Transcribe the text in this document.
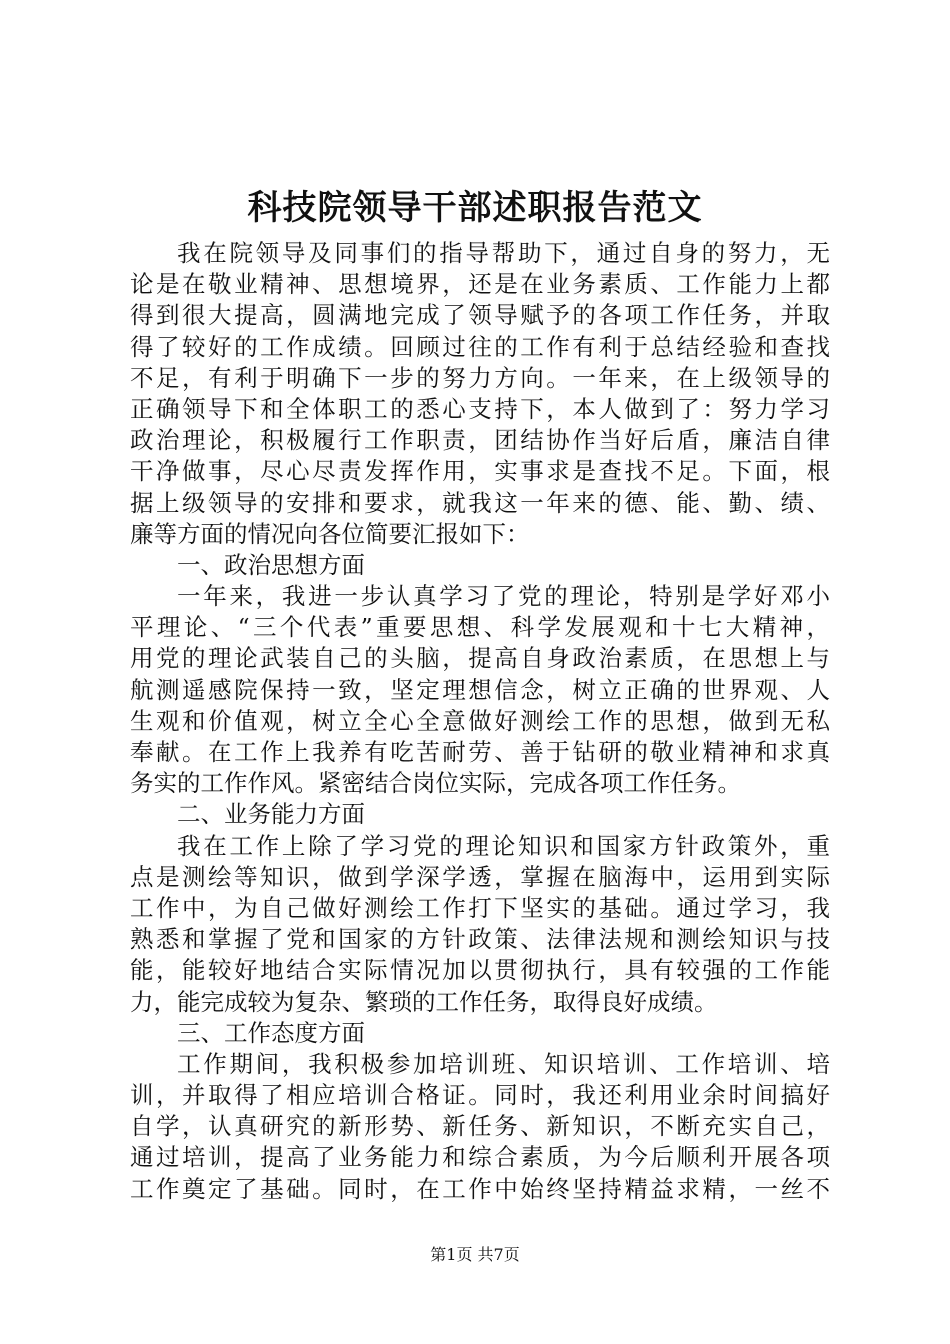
科技院领导干部述职报告范文
我在院领导及同事们的指导帮助下，通过自身的努力，无
论是在敬业精神、思想境界，还是在业务素质、工作能力上都
得到很大提高，圆满地完成了领导赋予的各项工作任务，并取
得了较好的工作成绩。回顾过往的工作有利于总结经验和查找
不足，有利于明确下一步的努力方向。一年来，在上级领导的
正确领导下和全体职工的悉心支持下，本人做到了：努力学习
政治理论，积极履行工作职责，团结协作当好后盾，廉洁自律
干净做事，尽心尽责发挥作用，实事求是查找不足。下面，根
据上级领导的安排和要求，就我这一年来的德、能、勤、绩、
廉等方面的情况向各位简要汇报如下：
一、政治思想方面
一年来，我进一步认真学习了党的理论，特别是学好邓小
平理论、“三个代表”重要思想、科学发展观和十七大精神，
用党的理论武装自己的头脑，提高自身政治素质，在思想上与
航测遥感院保持一致，坚定理想信念，树立正确的世界观、人
生观和价值观，树立全心全意做好测绘工作的思想，做到无私
奉献。在工作上我养有吃苦耐劳、善于钻研的敬业精神和求真
务实的工作作风。紧密结合岗位实际，完成各项工作任务。
二、业务能力方面
我在工作上除了学习党的理论知识和国家方针政策外，重
点是测绘等知识，做到学深学透，掌握在脑海中，运用到实际
工作中，为自己做好测绘工作打下坚实的基础。通过学习，我
熟悉和掌握了党和国家的方针政策、法律法规和测绘知识与技
能，能较好地结合实际情况加以贯彻执行，具有较强的工作能
力，能完成较为复杂、繁琐的工作任务，取得良好成绩。
三、工作态度方面
工作期间，我积极参加培训班、知识培训、工作培训、培
训，并取得了相应培训合格证。同时，我还利用业余时间搞好
自学，认真研究的新形势、新任务、新知识，不断充实自己，
通过培训，提高了业务能力和综合素质，为今后顺利开展各项
工作奠定了基础。同时，在工作中始终坚持精益求精，一丝不
第1页 共7页
